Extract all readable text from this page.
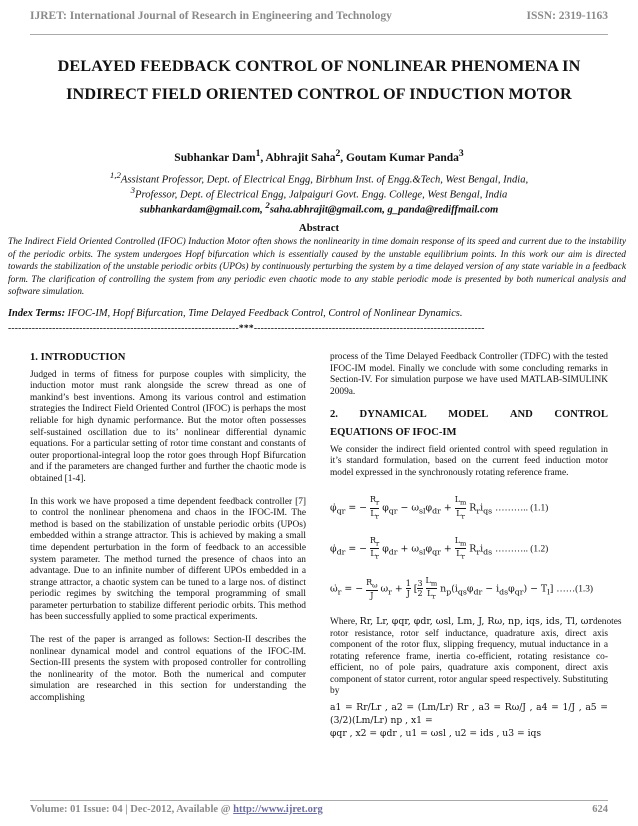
IJRET: International Journal of Research in Engineering and Technology	ISSN: 2319-1163
DELAYED FEEDBACK CONTROL OF NONLINEAR PHENOMENA IN
INDIRECT FIELD ORIENTED CONTROL OF INDUCTION MOTOR
Subhankar Dam$^1$, Abhrajit Saha$^2$, Goutam Kumar Panda$^3$
$^{1,2}$Assistant Professor, Dept. of Electrical Engg, Birbhum Inst. of Engg.&Tech, West Bengal, India,
$^3$Professor, Dept. of Electrical Engg, Jalpaiguri Govt. Engg. College, West Bengal, India
subhankardam@gmail.com, $^2$saha.abhrajit@gmail.com, g_panda@rediffmail.com
Abstract
The Indirect Field Oriented Controlled (IFOC) Induction Motor often shows the nonlinearity in time domain response of its speed and current due to the instability of the periodic orbits. The system undergoes Hopf bifurcation which is essentially caused by the unstable equilibrium points. In this work our aim is directed towards the stabilization of the unstable periodic orbits (UPOs) by continuously perturbing the system by a time delayed version of any state variable in a feedback form. The clarification of controlling the system from any periodic even chaotic mode to any stable periodic mode is presented by both numerical analysis and software simulation.
Index Terms: IFOC-IM, Hopf Bifurcation, Time Delayed Feedback Control, Control of Nonlinear Dynamics.
--------------------------------------------------------------------***--------------------------------------------------------------------
1. INTRODUCTION

Judged in terms of fitness for purpose couples with simplicity, the induction motor must rank alongside the screw thread as one of mankind’s best inventions. Among its various control and estimation strategies the Indirect Field Oriented Control (IFOC) is perhaps the most reliable for high dynamic performance. But the motor often possesses self-sustained oscillation due to its’ nonlinear differential dynamic equations. For a particular setting of rotor time constant and constants of outer proportional-integral loop the rotor goes through Hopf Bifurcation and if the parameters are changed further and further the chaotic mode is obtained [1-4].

In this work we have proposed a time dependent feedback controller [7] to control the nonlinear phenomena and chaos in the IFOC-IM. The method is based on the stabilization of unstable periodic orbits (UPOs) embedded within a strange attractor. This is achieved by making a small time dependent perturbation in the form of feedback to an accessible system parameter. The method turned the presence of chaos into an advantage. Due to an infinite number of different UPOs embedded in a strange attractor, a chaotic system can be tuned to a large nos. of distinct periodic regimes by switching the temporal programming of small parameter perturbation to stabilize different periodic orbits. This method has been successfully applied to some practical experiments.

The rest of the paper is arranged as follows: Section-II describes the nonlinear dynamical model and control equations of the IFOC-IM. Section-III presents the system with proposed controller for controlling the nonlinearity of the motor. Both the numerical and computer simulation are researched in this section for understanding the accomplishing

process of the Time Delayed Feedback Controller (TDFC) with the tested IFOC-IM model. Finally we conclude with some concluding remarks in Section-IV. For simulation purpose we have used MATLAB-SIMULINK 2009a.

2. DYNAMICAL MODEL AND CONTROL
EQUATIONS OF IFOC-IM

We consider the indirect field oriented control with speed regulation in it’s standard formulation, based on the current feed induction motor model expressed in the synchronously rotating reference frame.

$\varphi̇_{qr}$ = − $R_r$

$L_r$
$\varphi_{qr} - \omega_{sl}\varphi_{dr} + L_m$

$L_r$
$R_ri_{qs}$ ……….. (1.1)
$\varphi̇_{dr}$ = − $R_r$

$L_r$
$\varphi_{dr} + \omega_{sl}\varphi_{qr} + L_m$

$L_r$
$R_ri_{ds}$ ……….. (1.2)
$\omegȧ_r$ = − $R_\omega$

J
$\omega_r + 1$

J [3

2
$L_m$

$L_r$
$n_p(i_{qs}\varphi_{dr} - i_{ds}\varphi_{qr}) - T_l$] ……(1.3)
Where, Rr, Lr, φqr, φdr, ωsl, Lm, J, Rω, np, iqs, ids, Tl, ωrdenotes

rotor resistance, rotor self inductance, quadrature axis, direct axis component of the rotor flux, slipping frequency, mutual inductance in a rotating reference frame, inertia co-efficient, rotating resistance co-efficient, no of pole pairs, quadrature axis component, direct axis component of stator current, rotor angular speed respectively. Substituting by

a1 = Rr/Lr , a2 = (Lm/Lr) Rr , a3 = Rω/J , a4 = 1/J , a5 = (3/2)(Lm/Lr) np , x1 =
φqr , x2 = φdr , u1 = ωsl , u2 = ids , u3 = iqs
Volume: 01 Issue: 04 | Dec-2012, Available @ http://www.ijret.org	624
